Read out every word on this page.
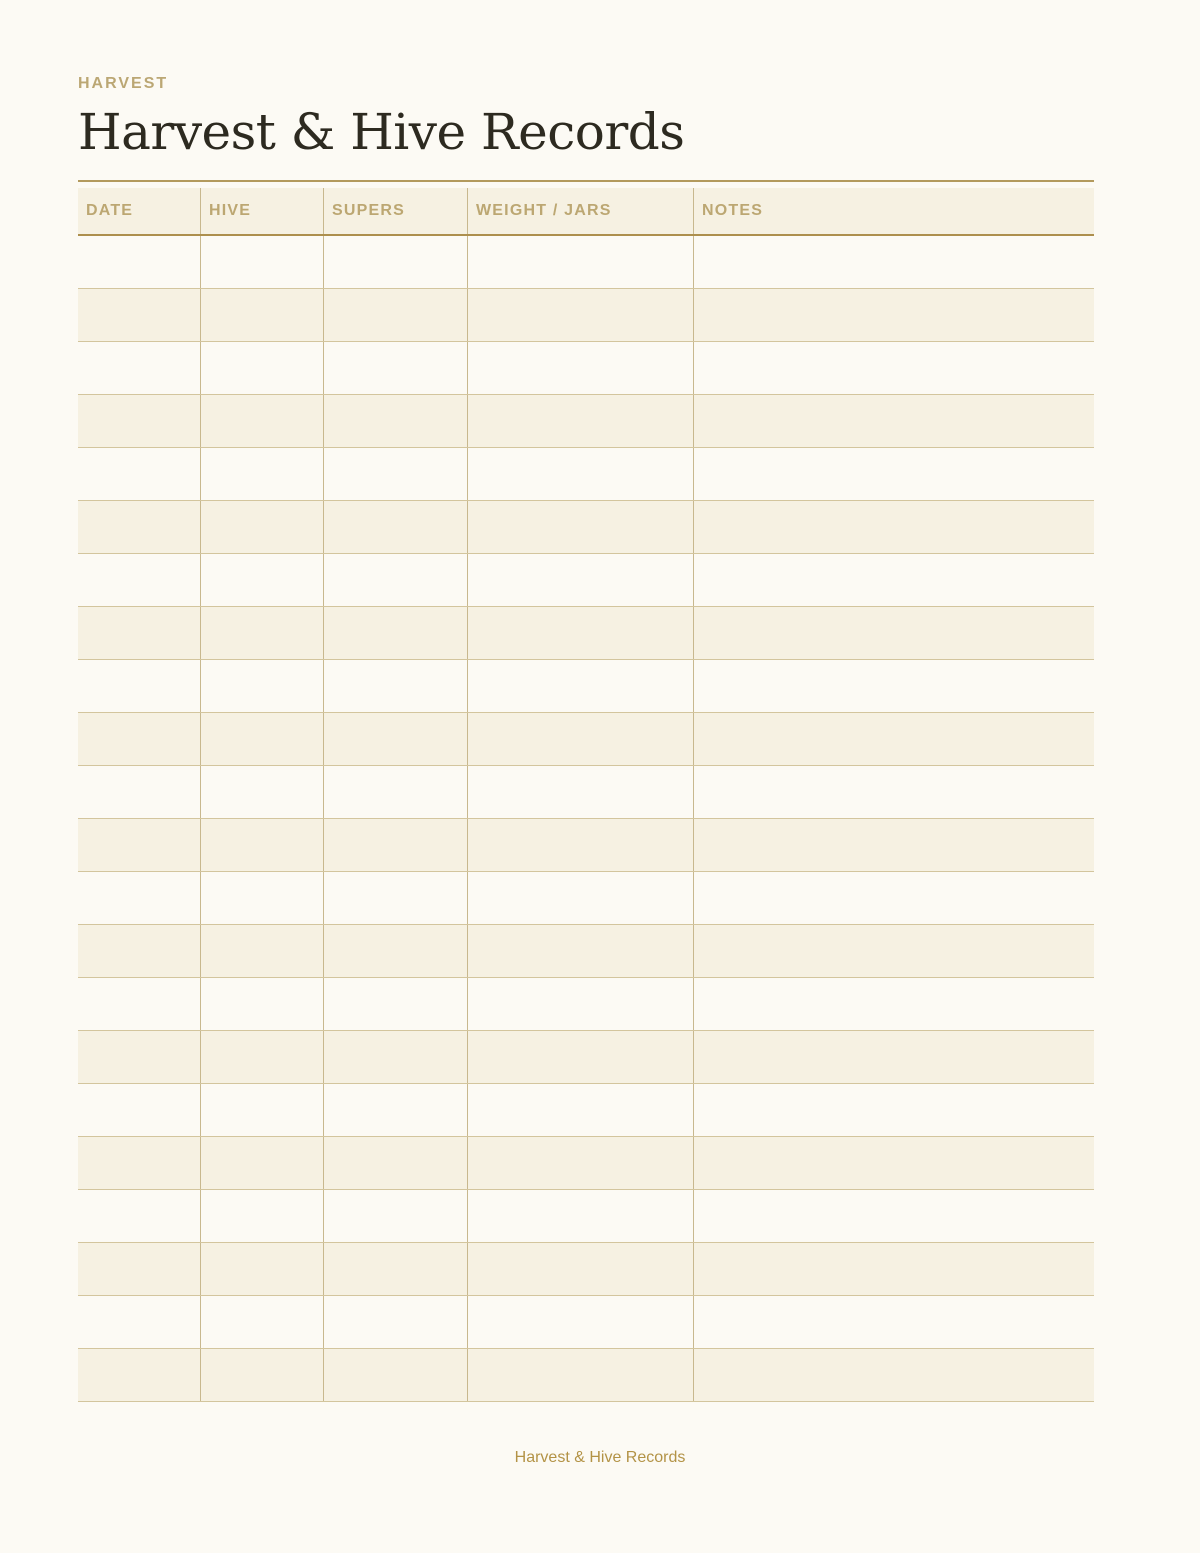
HARVEST
Harvest & Hive Records
DATE	HIVE	SUPERS	WEIGHT / JARS	NOTES
Harvest & Hive Records
